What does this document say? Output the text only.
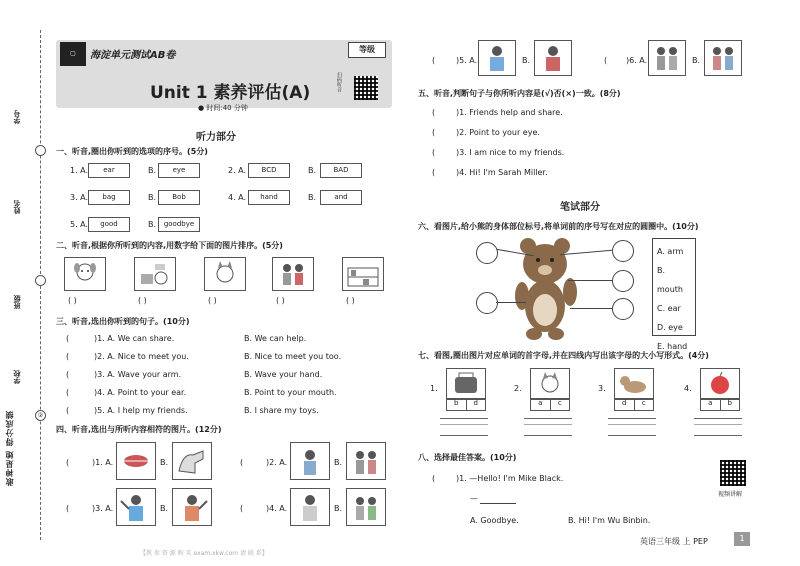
②
学号
姓名
班级
学校
敢神是她 得分成绩
▢	海淀单元测试AB卷
等级
扫码听音
Unit 1 素养评估(A)
● 时间:40 分钟
听力部分
一、听音,圈出你听到的选项的序号。(5分)
1. A.	ear	B.	eye	2. A.	BCD	B.	BAD
3. A.	bag	B.	Bob	4. A.	hand	B.	and
5. A.	good	B.	goodbye
二、听音,根据你所听到的内容,用数字给下面的图片排序。(5分)
( )	( )	( )	( )	( )
三、听音,选出你听到的句子。(10分)
(	)1. A. We can share.	B. We can help.
(	)2. A. Nice to meet you.	B. Nice to meet you too.
(	)3. A. Wave your arm.	B. Wave your hand.
(	)4. A. Point to your ear.	B. Point to your mouth.
(	)5. A. I help my friends.	B. I share my toys.
四、听音,选出与所听内容相符的图片。(12分)
(	)1. A.	B.	(	)2. A.	B.
(	)3. A.	B.	(	)4. A.	B.
【教 参 资 源 购 买 exam.xkw.com 请 联 系】
(	)5. A.	B.	( )6. A.	B.
五、听音,判断句子与你所听内容是(√)否(×)一致。(8分)
(	)1. Friends help and share.
(	)2. Point to your eye.
(	)3. I am nice to my friends.
(	)4. Hi! I'm Sarah Miller.
笔试部分
六、看图片,给小熊的身体部位标号,将单词前的序号写在对应的圆圈中。(10分)
A. arm
B. mouth
C. ear
D. eye
E. hand
七、看图,圈出图片对应单词的首字母,并在四线内写出该字母的大小写形式。(4分)
1.
b	d
2.
a	c
3.
d	c
4.
a	b
八、选择最佳答案。(10分)
(	)1. —Hello! I'm Mike Black.
—
A. Goodbye.	B. Hi! I'm Wu Binbin.
视频讲解
英语三年级 上 PEP	1
